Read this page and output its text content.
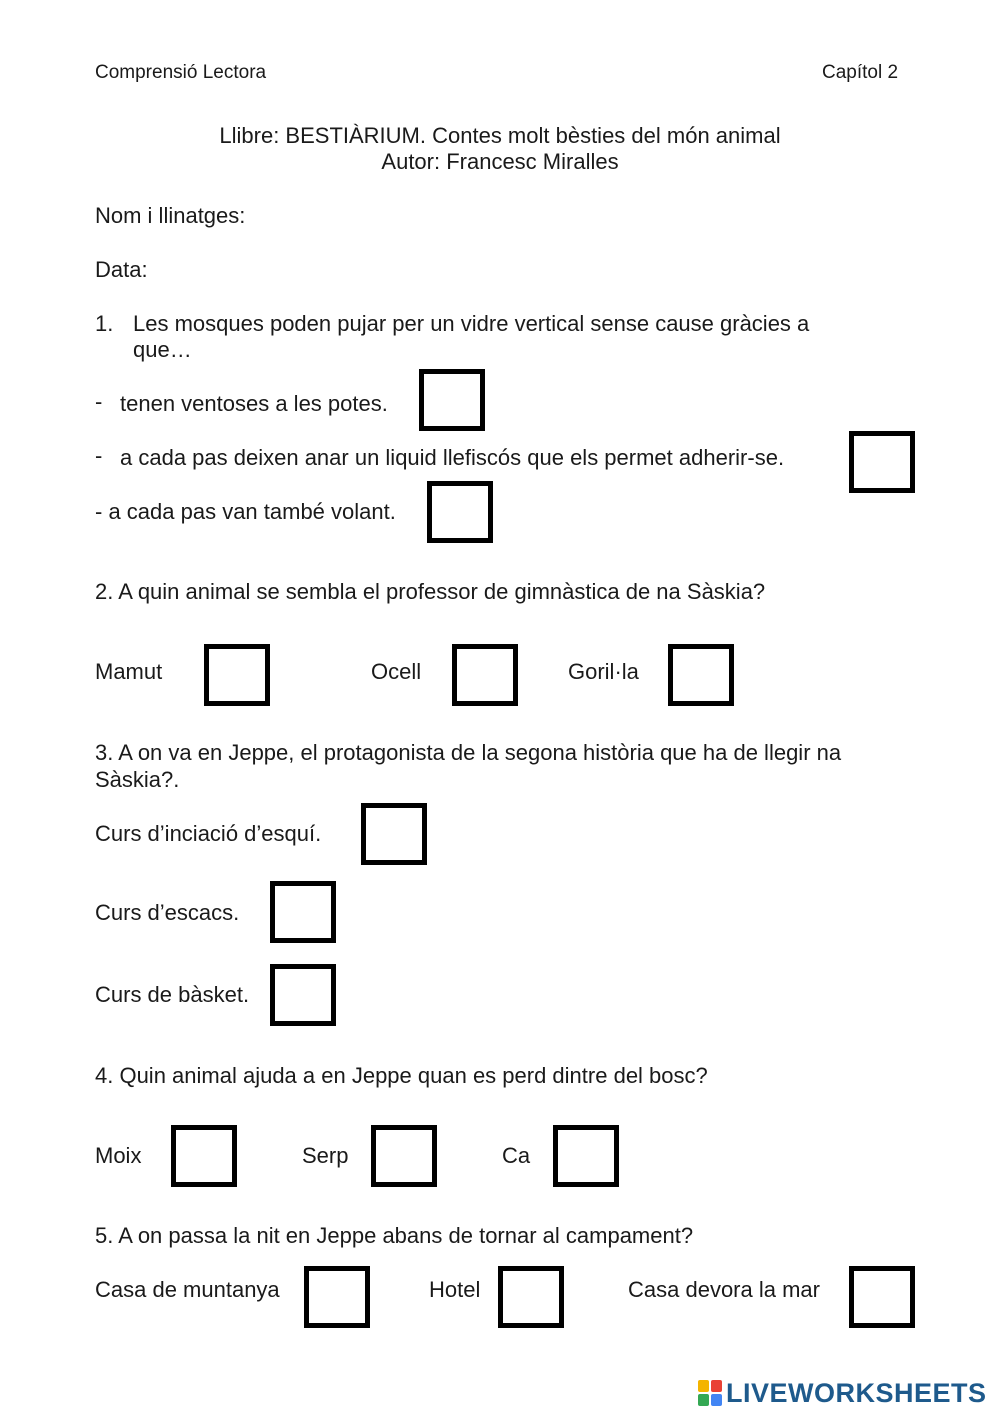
Comprensió Lectora	Capítol 2
Llibre: BESTIÀRIUM. Contes molt bèsties del món animal
Autor: Francesc Miralles
Nom i llinatges:
Data:
1. Les mosques poden pujar per un vidre vertical sense cause gràcies a
que…
- tenen ventoses a les potes.
- a cada pas deixen anar un liquid llefiscós que els permet adherir-se.
- a cada pas van també volant.
2. A quin animal se sembla el professor de gimnàstica de na Sàskia?
Mamut	Ocell	Goril·la
3. A on va en Jeppe, el protagonista de la segona història que ha de llegir na
Sàskia?.
Curs d’inciació d’esquí.
Curs d’escacs.
Curs de bàsket.
4. Quin animal ajuda a en Jeppe quan es perd dintre del bosc?
Moix	Serp	Ca
5. A on passa la nit en Jeppe abans de tornar al campament?
Casa de muntanya	Hotel	Casa devora la mar
LIVEWORKSHEETS
